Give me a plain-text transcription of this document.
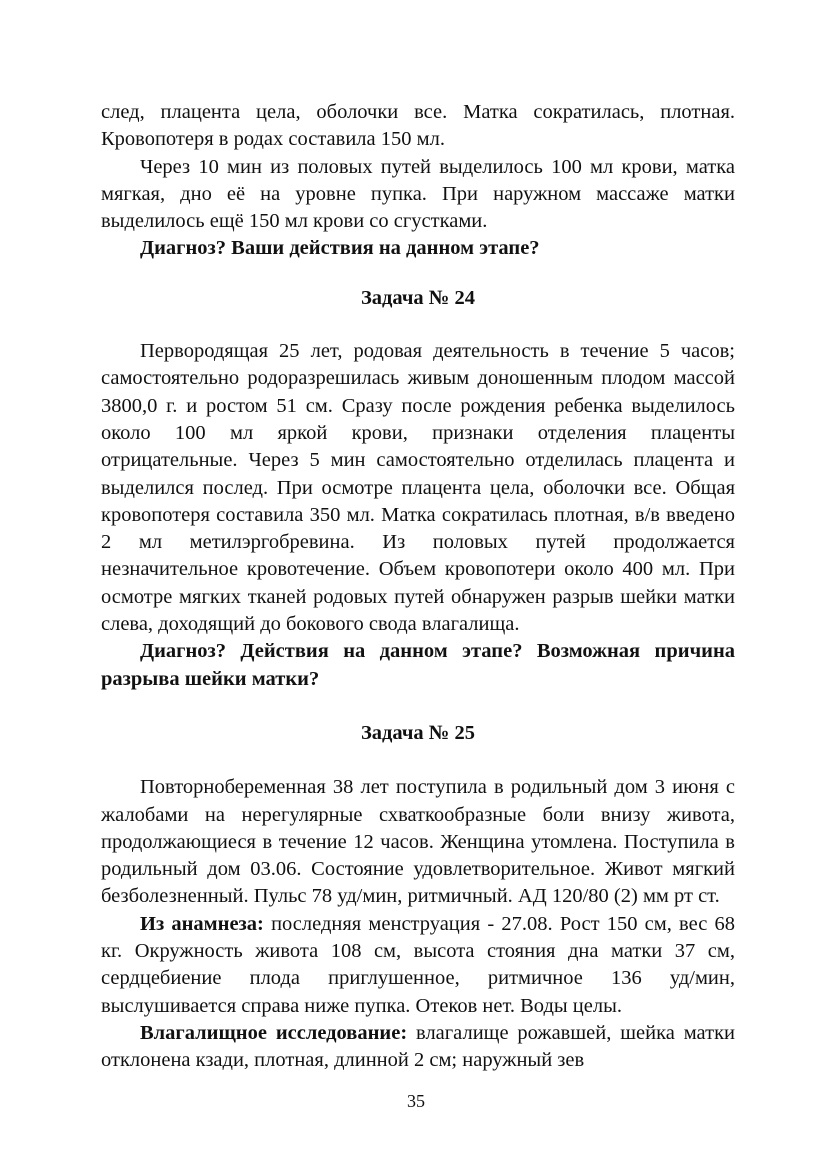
след, плацента цела, оболочки все. Матка сократилась, плотная. Кровопотеря в родах составила 150 мл.

Через 10 мин из половых путей выделилось 100 мл крови, матка мягкая, дно её на уровне пупка. При наружном массаже матки выделилось ещё 150 мл крови со сгустками.

Диагноз? Ваши действия на данном этапе?

Задача № 24

Первородящая 25 лет, родовая деятельность в течение 5 часов; самостоятельно родоразрешилась живым доношенным плодом массой 3800,0 г. и ростом 51 см. Сразу после рождения ребенка выделилось около 100 мл яркой крови, признаки отделения плаценты отрицательные. Через 5 мин самостоятельно отделилась плацента и выделился послед. При осмотре плацента цела, оболочки все. Общая кровопотеря составила 350 мл. Матка сократилась плотная, в/в введено 2 мл метилэргобревина. Из половых путей продолжается незначительное кровотечение. Объем кровопотери около 400 мл. При осмотре мягких тканей родовых путей обнаружен разрыв шейки матки слева, доходящий до бокового свода влагалища.

Диагноз? Действия на данном этапе? Возможная причина разрыва шейки матки?

Задача № 25

Повторнобеременная 38 лет поступила в родильный дом 3 июня с жалобами на нерегулярные схваткообразные боли внизу живота, продолжающиеся в течение 12 часов. Женщина утомлена. Поступила в родильный дом 03.06. Состояние удовлетворительное. Живот мягкий безболезненный. Пульс 78 уд/мин, ритмичный. АД 120/80 (2) мм рт ст.

Из анамнеза: последняя менструация - 27.08. Рост 150 см, вес 68 кг. Окружность живота 108 см, высота стояния дна матки 37 см, сердцебиение плода приглушенное, ритмичное 136 уд/мин, выслушивается справа ниже пупка. Отеков нет. Воды целы.

Влагалищное исследование: влагалище рожавшей, шейка матки отклонена кзади, плотная, длинной 2 см; наружный зев

35
